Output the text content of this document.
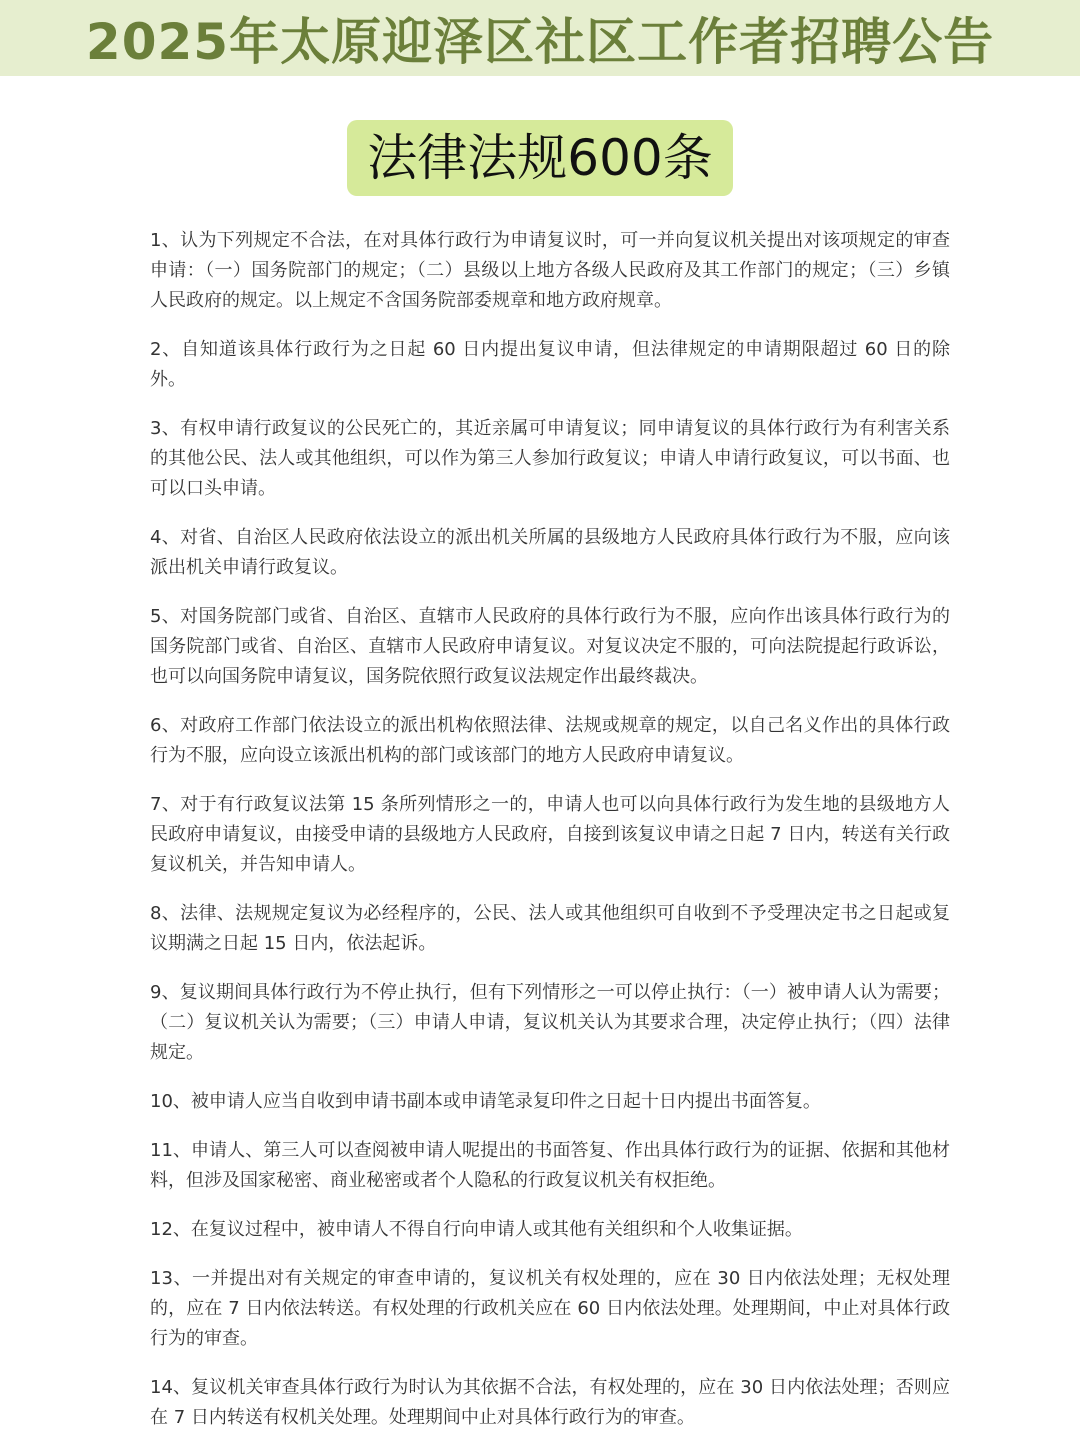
2025年太原迎泽区社区工作者招聘公告
法律法规600条

1、认为下列规定不合法，在对具体行政行为申请复议时，可一并向复议机关提出对该项规定的审查申请：（一）国务院部门的规定；（二）县级以上地方各级人民政府及其工作部门的规定；（三）乡镇人民政府的规定。以上规定不含国务院部委规章和地方政府规章。

2、自知道该具体行政行为之日起 60 日内提出复议申请，但法律规定的申请期限超过 60 日的除外。

3、有权申请行政复议的公民死亡的，其近亲属可申请复议；同申请复议的具体行政行为有利害关系的其他公民、法人或其他组织，可以作为第三人参加行政复议；申请人申请行政复议，可以书面、也可以口头申请。

4、对省、自治区人民政府依法设立的派出机关所属的县级地方人民政府具体行政行为不服，应向该派出机关申请行政复议。

5、对国务院部门或省、自治区、直辖市人民政府的具体行政行为不服，应向作出该具体行政行为的国务院部门或省、自治区、直辖市人民政府申请复议。对复议决定不服的，可向法院提起行政诉讼，也可以向国务院申请复议，国务院依照行政复议法规定作出最终裁决。

6、对政府工作部门依法设立的派出机构依照法律、法规或规章的规定，以自己名义作出的具体行政行为不服，应向设立该派出机构的部门或该部门的地方人民政府申请复议。

7、对于有行政复议法第 15 条所列情形之一的，申请人也可以向具体行政行为发生地的县级地方人民政府申请复议，由接受申请的县级地方人民政府，自接到该复议申请之日起 7 日内，转送有关行政复议机关，并告知申请人。

8、法律、法规规定复议为必经程序的，公民、法人或其他组织可自收到不予受理决定书之日起或复议期满之日起 15 日内，依法起诉。

9、复议期间具体行政行为不停止执行，但有下列情形之一可以停止执行：（一）被申请人认为需要；（二）复议机关认为需要；（三）申请人申请，复议机关认为其要求合理，决定停止执行；（四）法律规定。

10、被申请人应当自收到申请书副本或申请笔录复印件之日起十日内提出书面答复。

11、申请人、第三人可以查阅被申请人呢提出的书面答复、作出具体行政行为的证据、依据和其他材料，但涉及国家秘密、商业秘密或者个人隐私的行政复议机关有权拒绝。

12、在复议过程中，被申请人不得自行向申请人或其他有关组织和个人收集证据。

13、一并提出对有关规定的审查申请的，复议机关有权处理的，应在 30 日内依法处理；无权处理的，应在 7 日内依法转送。有权处理的行政机关应在 60 日内依法处理。处理期间，中止对具体行政行为的审查。

14、复议机关审查具体行政行为时认为其依据不合法，有权处理的，应在 30 日内依法处理；否则应在 7 日内转送有权机关处理。处理期间中止对具体行政行为的审查。
